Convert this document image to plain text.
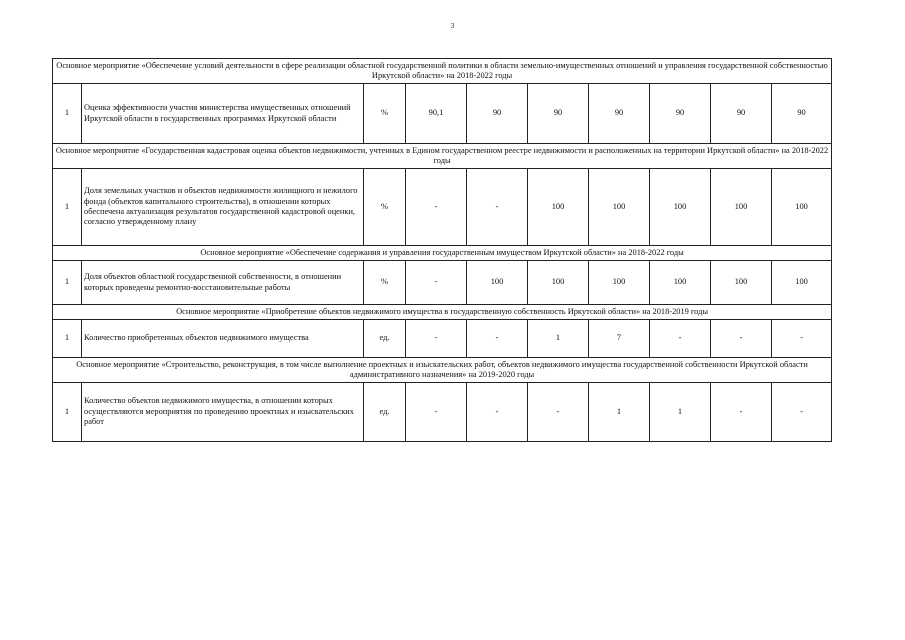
3
Основное мероприятие «Обеспечение условий деятельности в сфере реализации областной государственной политики в области земельно-имущественных отношений и управления государственной собственностью Иркутской области» на 2018-2022 годы									
1	Оценка эффективности участия министерства имущественных отношений Иркутской области в государственных программах Иркутской области	%	90,1	90	90	90	90	90	90
Основное мероприятие «Государственная кадастровая оценка объектов недвижимости, учтенных в Едином государственном реестре недвижимости и расположенных на территории Иркутской области» на 2018-2022 годы									
1	Доля земельных участков и объектов недвижимости жилищного и нежилого фонда (объектов капитального строительства), в отношении которых обеспечена актуализация результатов государственной кадастровой оценки, согласно утвержденному плану	%	-	-	100	100	100	100	100
Основное мероприятие «Обеспечение содержания и управления государственным имуществом Иркутской области» на 2018-2022 годы									
1	Доля объектов областной государственной собственности, в отношении которых проведены ремонтно-восстановительные работы	%	-	100	100	100	100	100	100
Основное мероприятие «Приобретение объектов недвижимого имущества в государственную собственность Иркутской области» на 2018-2019 годы									
1	Количество приобретенных объектов недвижимого имущества	ед.	-	-	1	7	-	-	-
Основное мероприятие «Строительство, реконструкция, в том числе выполнение проектных и изыскательских работ, объектов недвижимого имущества государственной собственности Иркутской области административного назначения» на 2019-2020 годы									
1	Количество объектов недвижимого имущества, в отношении которых осуществляются мероприятия по проведению проектных и изыскательских работ	ед.	-	-	-	1	1	-	-
